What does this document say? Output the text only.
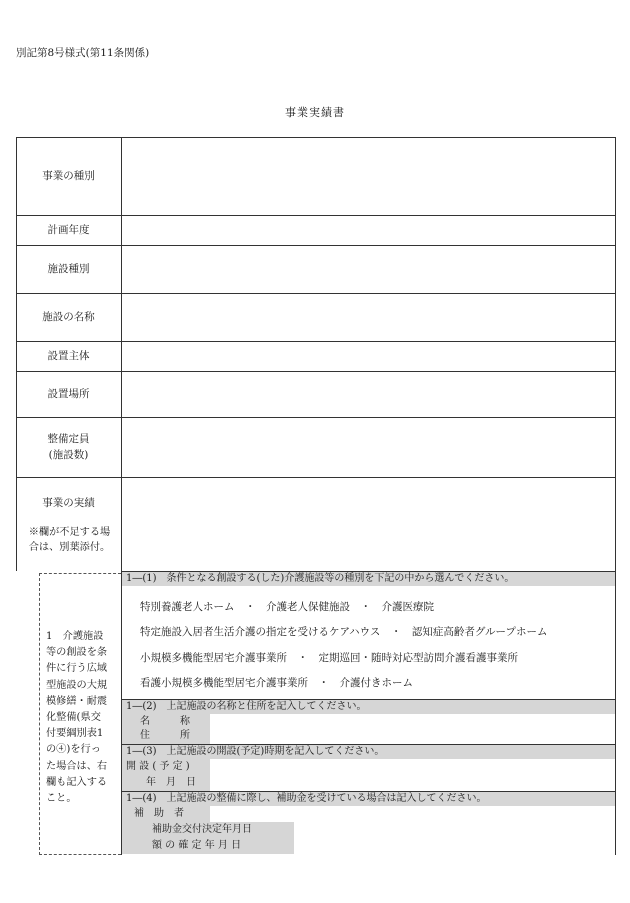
別記第8号様式(第11条関係)
事業実績書
事業の種別
計画年度
施設種別
施設の名称
設置主体
設置場所
整備定員
(施設数)
事業の実績
※欄が不足する場
合は、別葉添付。
1　介護施設
等の創設を条
件に行う広域
型施設の大規
模修繕・耐震
化整備(県交
付要綱別表1
の④)を行っ
た場合は、右
欄も記入する
こと。
1―(1)　条件となる創設する(した)介護施設等の種別を下記の中から選んでください。
特別養護老人ホーム　・　介護老人保健施設　・　介護医療院
特定施設入居者生活介護の指定を受けるケアハウス　・　認知症高齢者グループホーム
小規模多機能型居宅介護事業所　・　定期巡回・随時対応型訪問介護看護事業所
看護小規模多機能型居宅介護事業所　・　介護付きホーム
1―(2)　上記施設の名称と住所を記入してください。
名　　　称
住　　　所
1―(3)　上記施設の開設(予定)時期を記入してください。
開 設 ( 予 定 )
年　月　日
1―(4)　上記施設の整備に際し、補助金を受けている場合は記入してください。
補　助　者
補助金交付決定年月日
額 の 確 定 年 月 日
